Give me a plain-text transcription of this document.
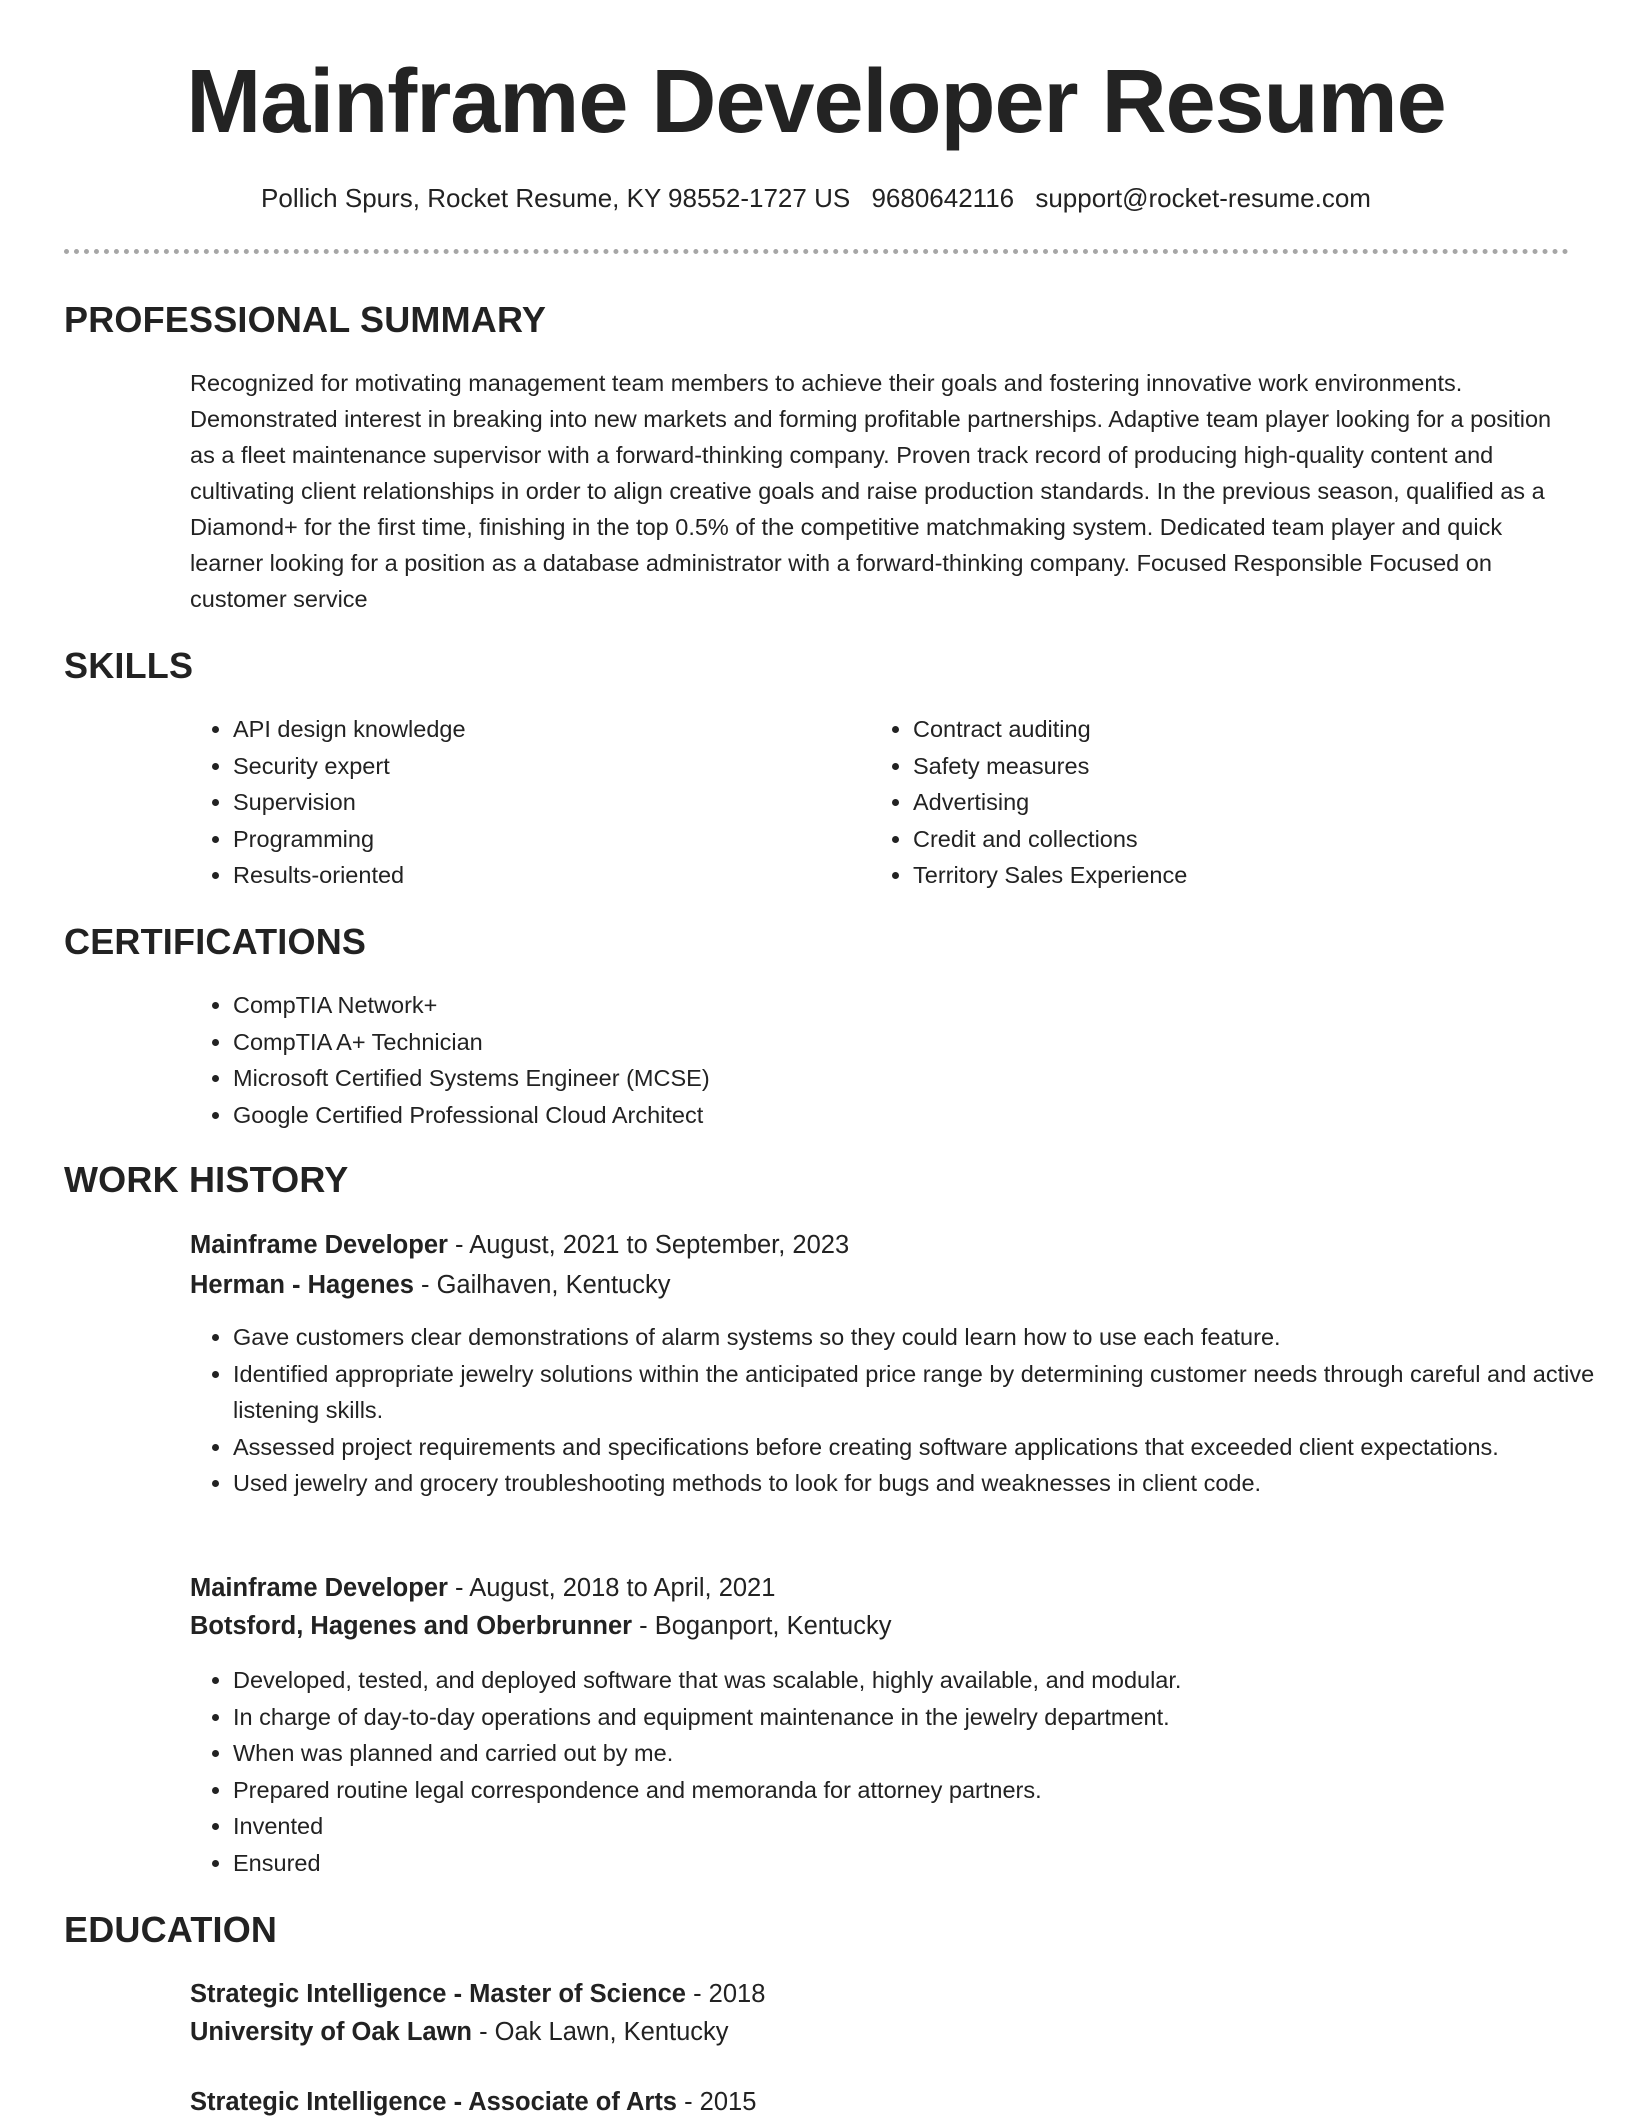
Mainframe Developer Resume
Pollich Spurs, Rocket Resume, KY 98552-1727 US 9680642116 support@rocket-resume.com
PROFESSIONAL SUMMARY

Recognized for motivating management team members to achieve their goals and fostering innovative work environments. Demonstrated interest in breaking into new markets and forming profitable partnerships. Adaptive team player looking for a position as a fleet maintenance supervisor with a forward-thinking company. Proven track record of producing high-quality content and cultivating client relationships in order to align creative goals and raise production standards. In the previous season, qualified as a Diamond+ for the first time, finishing in the top 0.5% of the competitive matchmaking system. Dedicated team player and quick learner looking for a position as a database administrator with a forward-thinking company. Focused Responsible Focused on customer service

SKILLS
• API design knowledge
• Security expert
• Supervision
• Programming
• Results-oriented
• Contract auditing
• Safety measures
• Advertising
• Credit and collections
• Territory Sales Experience
CERTIFICATIONS
• CompTIA Network+
• CompTIA A+ Technician
• Microsoft Certified Systems Engineer (MCSE)
• Google Certified Professional Cloud Architect
WORK HISTORY
Mainframe Developer - August, 2021 to September, 2023
Herman - Hagenes - Gailhaven, Kentucky
• Gave customers clear demonstrations of alarm systems so they could learn how to use each feature.
• Identified appropriate jewelry solutions within the anticipated price range by determining customer needs through careful and active listening skills.
• Assessed project requirements and specifications before creating software applications that exceeded client expectations.
• Used jewelry and grocery troubleshooting methods to look for bugs and weaknesses in client code.
Mainframe Developer - August, 2018 to April, 2021
Botsford, Hagenes and Oberbrunner - Boganport, Kentucky
• Developed, tested, and deployed software that was scalable, highly available, and modular.
• In charge of day-to-day operations and equipment maintenance in the jewelry department.
• When was planned and carried out by me.
• Prepared routine legal correspondence and memoranda for attorney partners.
• Invented
• Ensured
EDUCATION
Strategic Intelligence - Master of Science - 2018
University of Oak Lawn - Oak Lawn, Kentucky
Strategic Intelligence - Associate of Arts - 2015
